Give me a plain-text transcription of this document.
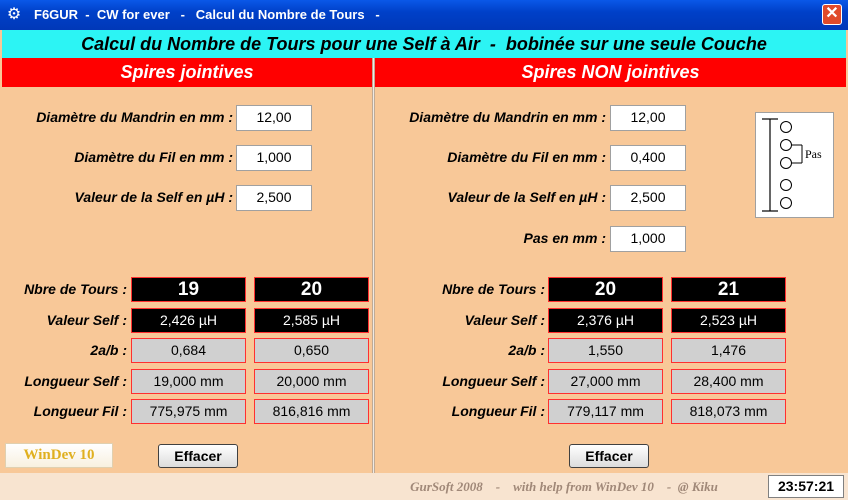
⚙ F6GUR  -  CW for ever   -   Calcul du Nombre de Tours   -	✕
Calcul du Nombre de Tours pour une Self à Air  -  bobinée sur une seule Couche
Spires jointives	Spires NON jointives
Diamètre du Mandrin en mm :	12,00
Diamètre du Fil en mm :	1,000
Valeur de la Self en µH :	2,500
Nbre de Tours :	19	20
Valeur Self :	2,426 µH	2,585 µH
2a/b :	0,684	0,650
Longueur Self :	19,000 mm	20,000 mm
Longueur Fil :	775,975 mm	816,816 mm
Effacer
Diamètre du Mandrin en mm :	12,00
Diamètre du Fil en mm :	0,400
Valeur de la Self en µH :	2,500
Pas en mm :	1,000
Pas
Nbre de Tours :	20	21
Valeur Self :	2,376 µH	2,523 µH
2a/b :	1,550	1,476
Longueur Self :	27,000 mm	28,400 mm
Longueur Fil :	779,117 mm	818,073 mm
Effacer
WinDev 10
GurSoft 2008    -    with help from WinDev 10    -  @ Kiku	23:57:21
